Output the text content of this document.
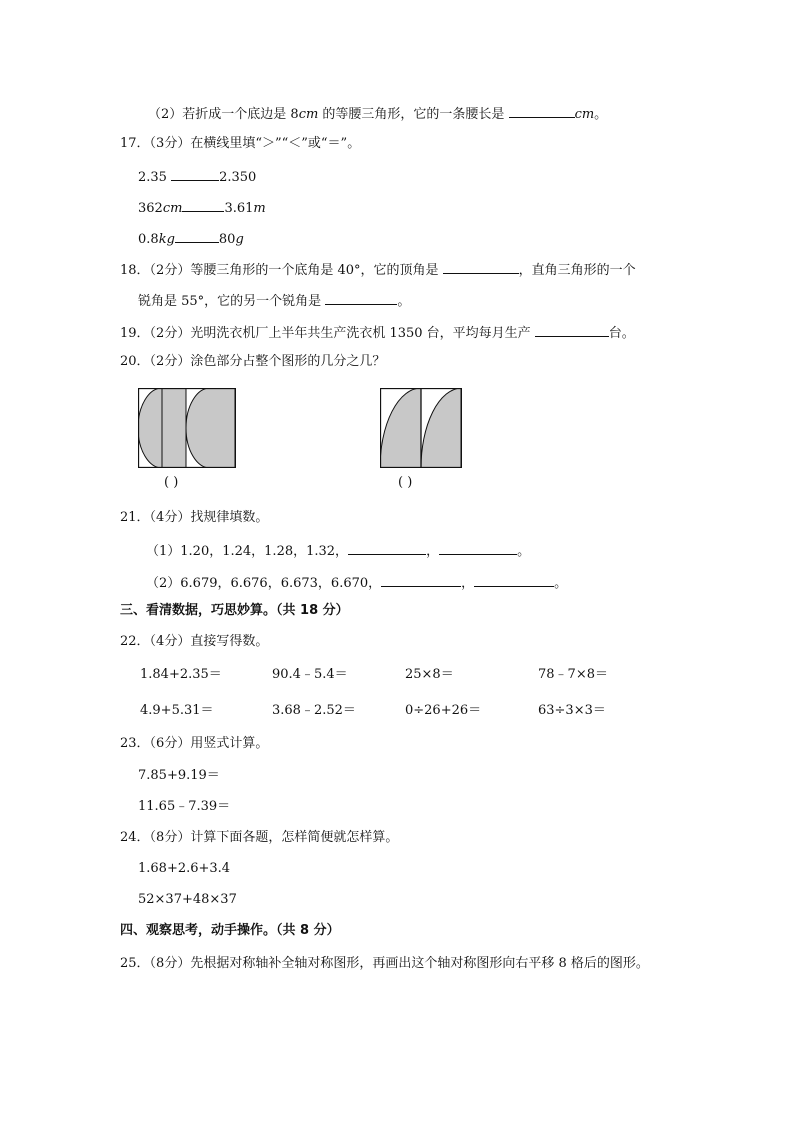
（2）若折成一个底边是 8cm 的等腰三角形，它的一条腰长是	cm。
17．（3分）在横线里填“＞”“＜”或“＝”。
2.35	2.350
362cm	3.61m
0.8kg	80g
18．（2分）等腰三角形的一个底角是 40°，它的顶角是	，直角三角形的一个
锐角是 55°，它的另一个锐角是	。
19．（2分）光明洗衣机厂上半年共生产洗衣机 1350 台，平均每月生产	台。
20．（2分）涂色部分占整个图形的几分之几？
( )	( )
21．（4分）找规律填数。
（1）1.20，1.24，1.28，1.32，	，	。
（2）6.679，6.676，6.673，6.670，	，	。
三、看清数据，巧思妙算。（共 18 分）
22．（4分）直接写得数。
1.84+2.35＝	90.4﹣5.4＝	25×8＝	78﹣7×8＝
4.9+5.31＝	3.68﹣2.52＝	0÷26+26＝	63÷3×3＝
23．（6分）用竖式计算。
7.85+9.19＝
11.65﹣7.39＝
24．（8分）计算下面各题，怎样简便就怎样算。
1.68+2.6+3.4
52×37+48×37
四、观察思考，动手操作。（共 8 分）
25．（8分）先根据对称轴补全轴对称图形，再画出这个轴对称图形向右平移 8 格后的图形。
